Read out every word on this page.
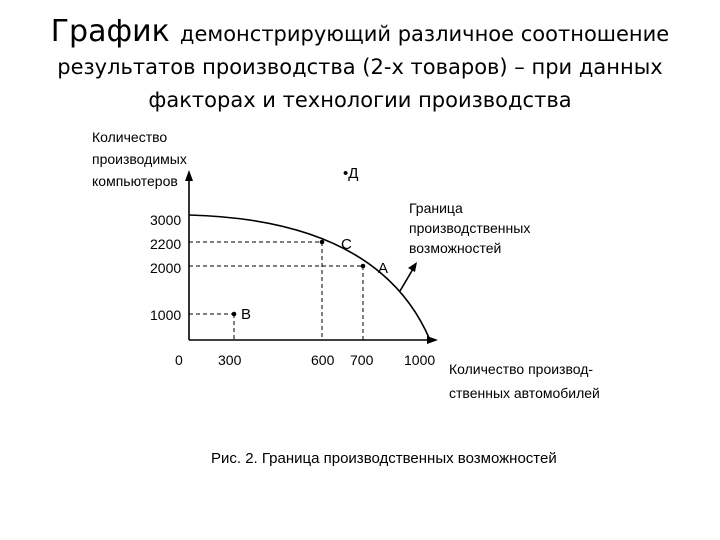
График демонстрирующий различное соотношение
результатов производства (2-х товаров) – при данных
факторах и технологии производства
•Д
C
A
B
Граница
производственных
возможностей
Количество
производимых
компьютеров
3000
2200
2000
1000
0	300	600 700 1000
Количество производ-
ственных автомобилей
Рис. 2. Граница производственных возможностей
